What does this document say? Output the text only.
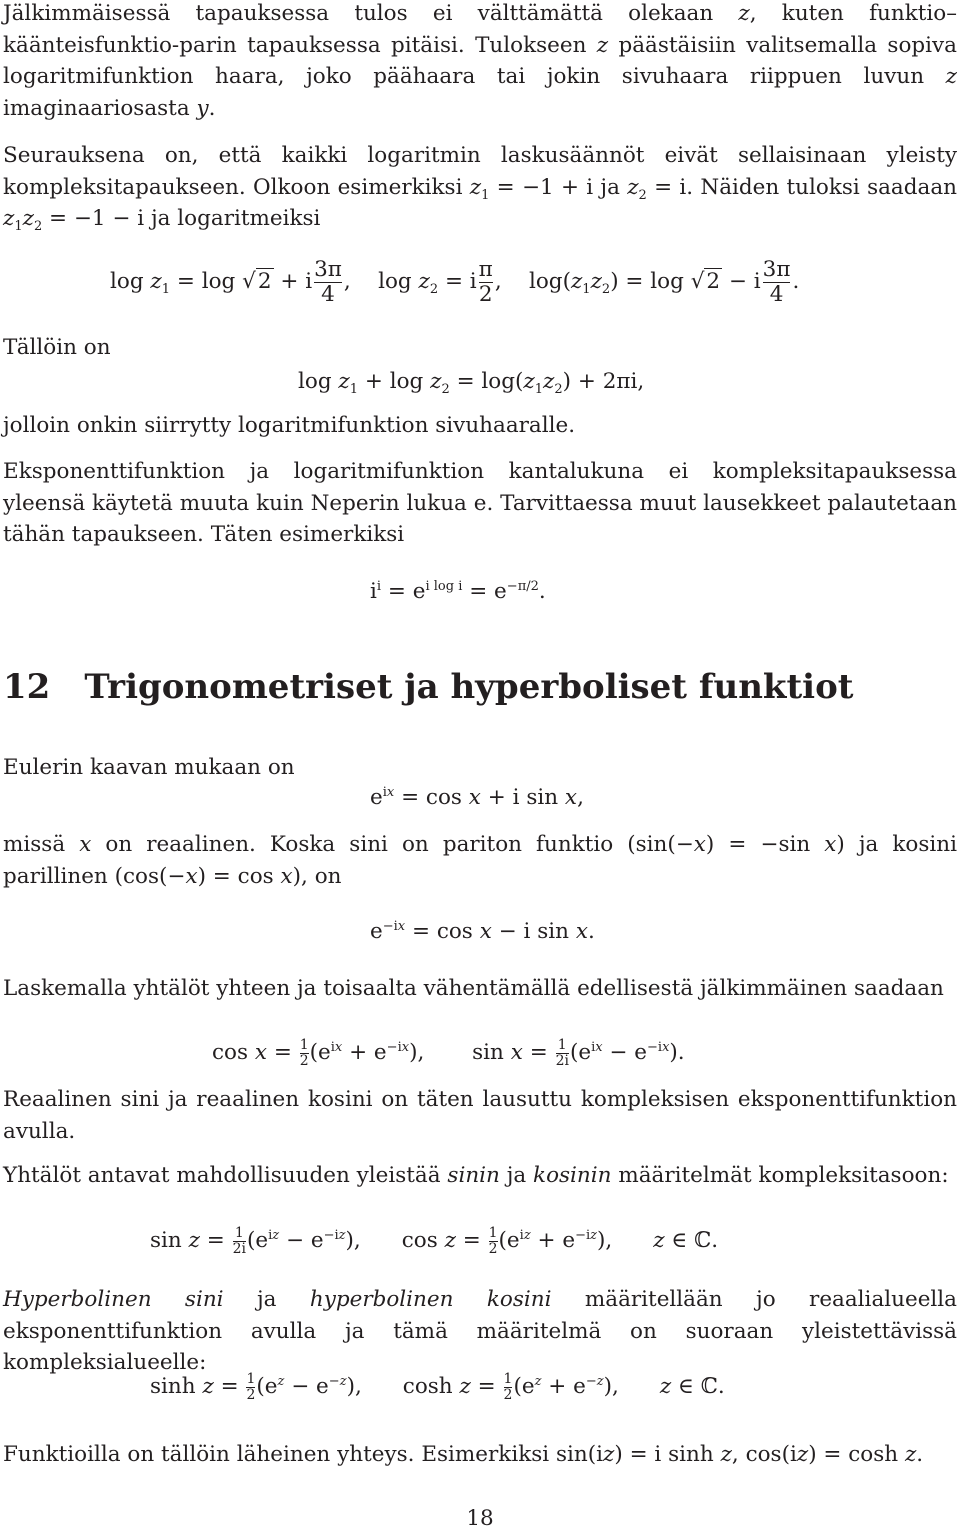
Jälkimmäisessä tapauksessa tulos ei välttämättä olekaan z, kuten funktio–käänteisfunktio-parin tapauksessa pitäisi. Tulokseen z päästäisiin valitsemalla sopiva logaritmifunktion haara, joko päähaara tai jokin sivuhaara riippuen luvun z imaginaariosasta y.

Seurauksena on, että kaikki logaritmin laskusäännöt eivät sellaisinaan yleisty kompleksitapaukseen. Olkoon esimerkiksi $z_1 = -1 + i$ ja $z_2 = i$. Näiden tuloksi saadaan $z_1z_2 = -1 - i$ ja logaritmeiksi

$\log z_1 = \log √2 + i \frac{3\pi}{4}$ ,    $\log z_2 = i \frac{\pi}{2}$ ,    $\log(z_1z_2) = \log √2 - i \frac{3\pi}{4}$ .

Tällöin on

$\log z_1 + \log z_2 = \log(z_1z_2) + 2\pi i$,

jolloin onkin siirrytty logaritmifunktion sivuhaaralle.

Eksponenttifunktion ja logaritmifunktion kantalukuna ei kompleksitapauksessa yleensä käytetä muuta kuin Neperin lukua e. Tarvittaessa muut lausekkeet palautetaan tähän tapaukseen. Täten esimerkiksi

$i^i = e^{i log i} = e^{-\pi/2}$.
12 Trigonometriset ja hyperboliset funktiot

Eulerin kaavan mukaan on

$e^{ix} = \cos x + i$ sin x,

missä x on reaalinen. Koska sini on pariton funktio (sin(−x) = −sin x) ja kosini parillinen (cos(−x) = cos x), on

$e^{-ix} = \cos x - i$ sin x.

Laskemalla yhtälöt yhteen ja toisaalta vähentämällä edellisestä jälkimmäinen saadaan

$\cos x = \frac{1}{2} (e^{ix} + e^{-ix})$,       $\sin x = \frac{1}{2i} (e^{ix} - e^{-ix})$.

Reaalinen sini ja reaalinen kosini on täten lausuttu kompleksisen eksponenttifunktion avulla.

Yhtälöt antavat mahdollisuuden yleistää sinin ja kosinin määritelmät kompleksitasoon:

$\sin z = \frac{1}{2i} (e^{iz} - e^{-iz})$,      $\cos z = \frac{1}{2} (e^{iz} + e^{-iz})$,      z ∈ ℂ.

Hyperbolinen sini ja hyperbolinen kosini määritellään jo reaalialueella eksponenttifunktion avulla ja tämä määritelmä on suoraan yleistettävissä kompleksialueelle:

$\sinh z = \frac{1}{2} (e^z - e^{-z})$,      $\cosh z = \frac{1}{2} (e^z + e^{-z})$,      z ∈ ℂ.

Funktioilla on tällöin läheinen yhteys. Esimerkiksi sin(iz) = i sinh z, cos(iz) = cosh z.

18
